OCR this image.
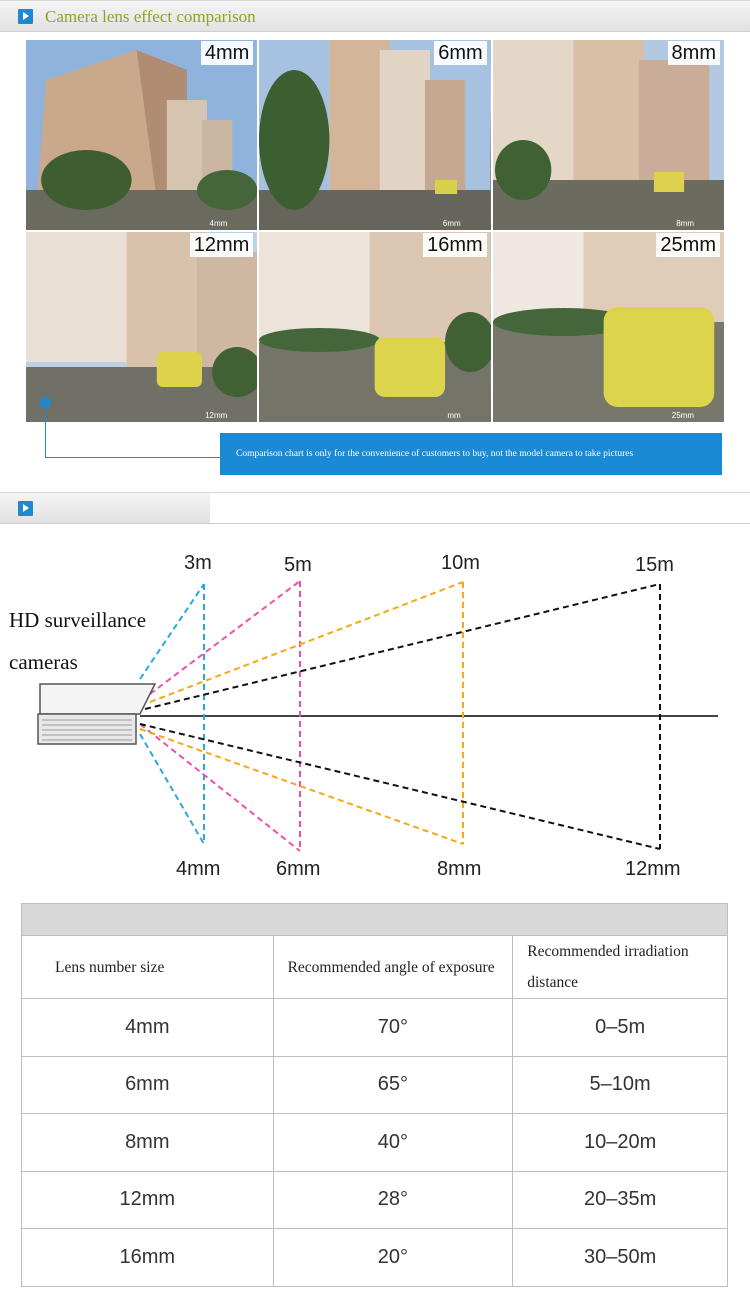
Camera lens effect comparison
4mm
4mm
6mm
6mm
8mm
8mm
12mm
12mm
16mm
mm
25mm
25mm
Comparison chart is only for the convenience of customers to buy, not the model camera to take pictures
HD surveillance
cameras
3m	5m	10m	15m
4mm	6mm	8mm	12mm

Lens number size	Recommended angle of exposure	Recommended irradiation distance
4mm	70°	0–5m
6mm	65°	5–10m
8mm	40°	10–20m
12mm	28°	20–35m
16mm	20°	30–50m
